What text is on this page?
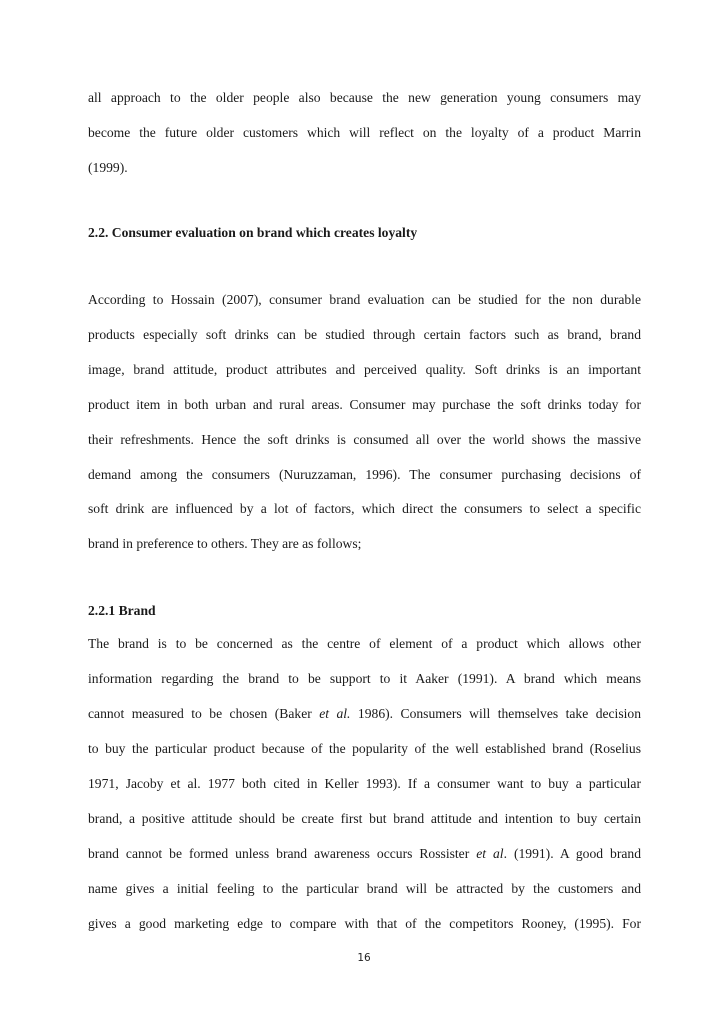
all approach to the older people also because the new generation young consumers may
become the future older customers which will reflect on the loyalty of a product Marrin
(1999).
2.2. Consumer evaluation on brand which creates loyalty
According to Hossain (2007), consumer brand evaluation can be studied for the non durable
products especially soft drinks can be studied through certain factors such as brand, brand
image, brand attitude, product attributes and perceived quality. Soft drinks is an important
product item in both urban and rural areas. Consumer may purchase the soft drinks today for
their refreshments. Hence the soft drinks is consumed all over the world shows the massive
demand among the consumers (Nuruzzaman, 1996). The consumer purchasing decisions of
soft drink are influenced by a lot of factors, which direct the consumers to select a specific
brand in preference to others. They are as follows;
2.2.1 Brand
The brand is to be concerned as the centre of element of a product which allows other
information regarding the brand to be support to it Aaker (1991). A brand which means
cannot measured to be chosen (Baker et al. 1986). Consumers will themselves take decision
to buy the particular product because of the popularity of the well established brand (Roselius
1971, Jacoby et al. 1977 both cited in Keller 1993). If a consumer want to buy a particular
brand, a positive attitude should be create first but brand attitude and intention to buy certain
brand cannot be formed unless brand awareness occurs Rossister et al. (1991). A good brand
name gives a initial feeling to the particular brand will be attracted by the customers and
gives a good marketing edge to compare with that of the competitors Rooney, (1995). For
16
